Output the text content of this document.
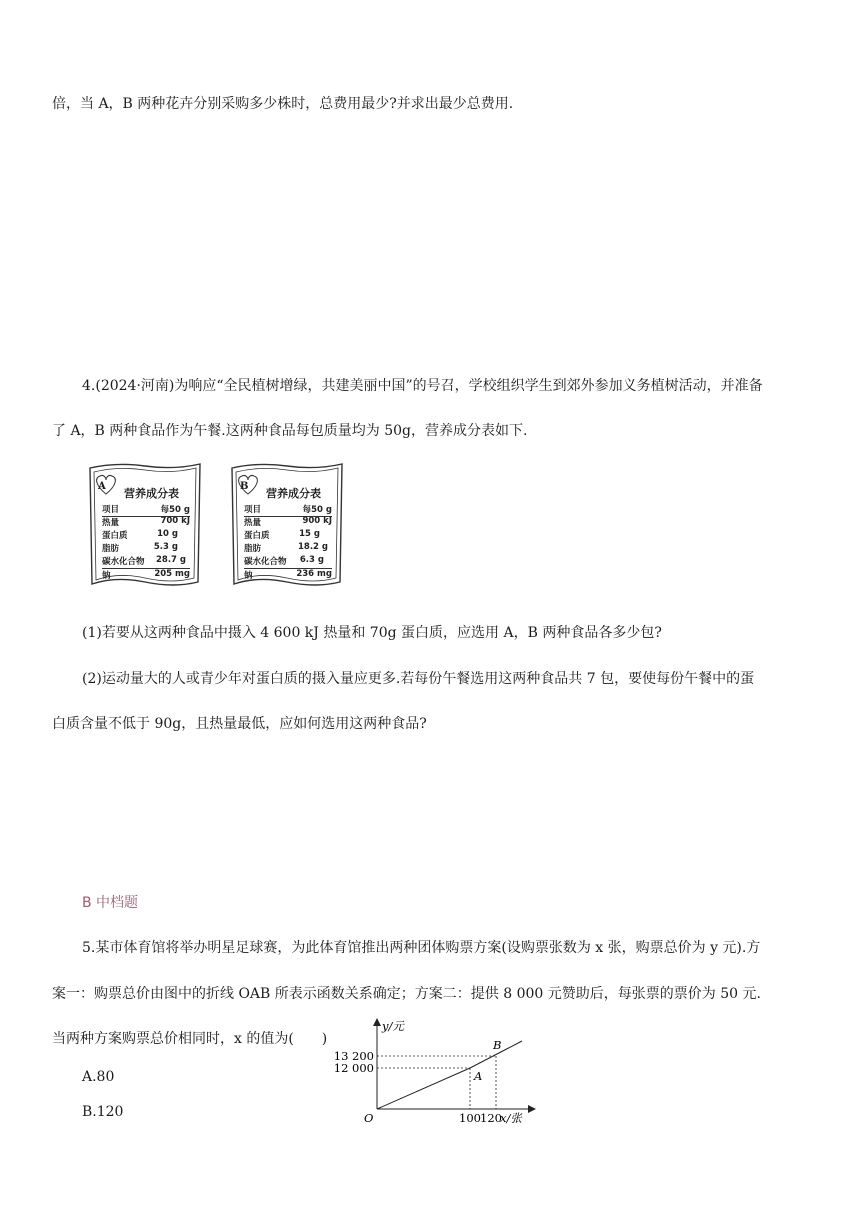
倍，当 A，B 两种花卉分别采购多少株时，总费用最少?并求出最少总费用.
4.(2024·河南)为响应“全民植树增绿，共建美丽中国”的号召，学校组织学生到郊外参加义务植树活动，并准备
了 A，B 两种食品作为午餐.这两种食品每包质量均为 50g，营养成分表如下.
A
营养成分表
项目	每50 g
热量	700 kJ
蛋白质	10 g
脂肪	5.3 g
碳水化合物 28.7 g
钠	205 mg
B
营养成分表
项目	每50 g
热量	900 kJ
蛋白质	15 g
脂肪	18.2 g
碳水化合物 6.3 g
钠	236 mg
(1)若要从这两种食品中摄入 4 600 kJ 热量和 70g 蛋白质，应选用 A，B 两种食品各多少包?
(2)运动量大的人或青少年对蛋白质的摄入量应更多.若每份午餐选用这两种食品共 7 包，要使每份午餐中的蛋
白质含量不低于 90g，且热量最低，应如何选用这两种食品?
B 中档题
5.某市体育馆将举办明星足球赛，为此体育馆推出两种团体购票方案(设购票张数为 x 张，购票总价为 y 元).方
案一：购票总价由图中的折线 OAB 所表示函数关系确定；方案二：提供 8 000 元赞助后，每张票的票价为 50 元.
当两种方案购票总价相同时，x 的值为(　　)
A.80
B.120
y/元
x/张
O
13 200
12 000
100 120
A
B
